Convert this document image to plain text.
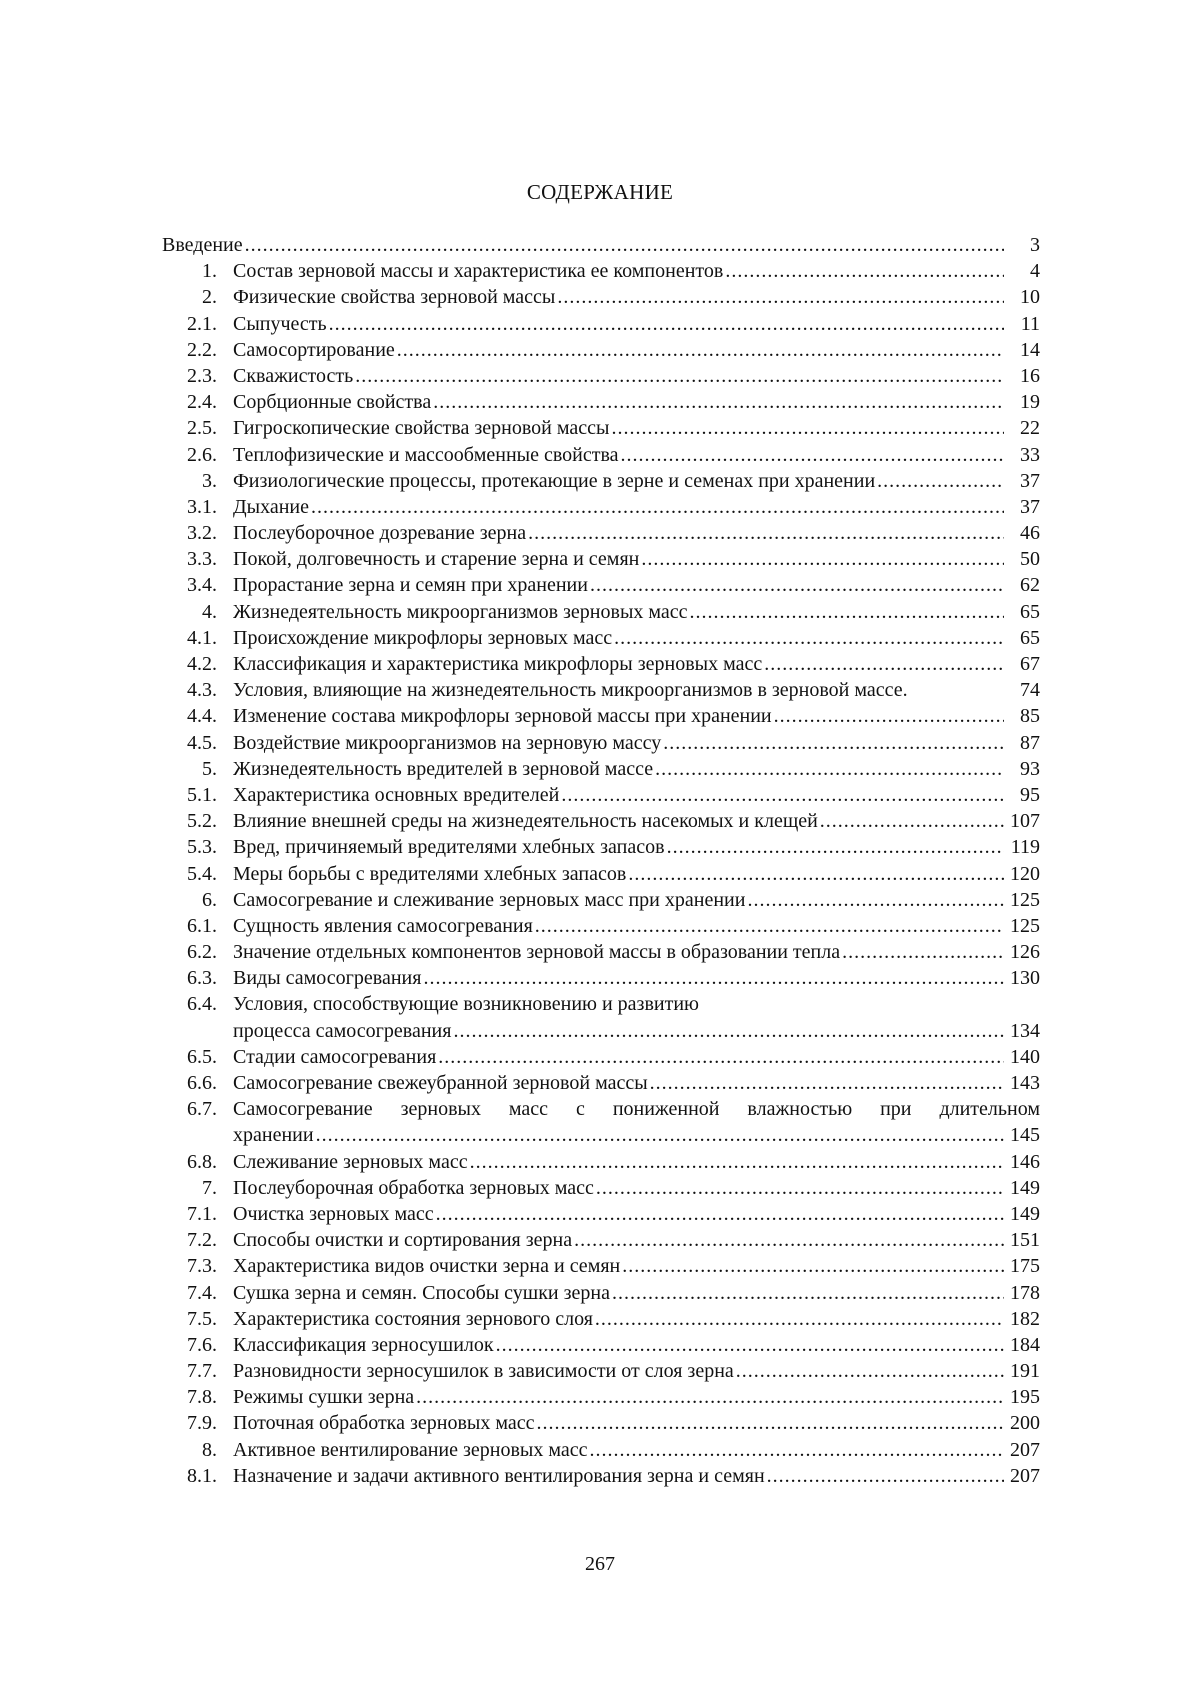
СОДЕРЖАНИЕ
Введение .....	3
1. Состав зерновой массы и характеристика ее компонентов .....	4
2. Физические свойства зерновой массы .....	10
2.1. Сыпучесть .....	11
2.2. Самосортирование .....	14
2.3. Скважистость .....	16
2.4. Сорбционные свойства .....	19
2.5. Гигроскопические свойства зерновой массы .....	22
2.6. Теплофизические и массообменные свойства .....	33
3. Физиологические процессы, протекающие в зерне и семенах при хранении .....	37
3.1. Дыхание .....	37
3.2. Послеуборочное дозревание зерна .....	46
3.3. Покой, долговечность и старение зерна и семян .....	50
3.4. Прорастание зерна и семян при хранении .....	62
4. Жизнедеятельность микроорганизмов зерновых масс .....	65
4.1. Происхождение микрофлоры зерновых масс .....	65
4.2. Классификация и характеристика микрофлоры зерновых масс .....	67
4.3. Условия, влияющие на жизнедеятельность микроорганизмов в зерновой массе.	74
4.4. Изменение состава микрофлоры зерновой массы при хранении .....	85
4.5. Воздействие микроорганизмов на зерновую массу .....	87
5. Жизнедеятельность вредителей в зерновой массе .....	93
5.1. Характеристика основных вредителей .....	95
5.2. Влияние внешней среды на жизнедеятельность насекомых и клещей .....	107
5.3. Вред, причиняемый вредителями хлебных запасов .....	119
5.4. Меры борьбы с вредителями хлебных запасов .....	120
6. Самосогревание и слеживание зерновых масс при хранении .....	125
6.1. Сущность явления самосогревания .....	125
6.2. Значение отдельных компонентов зерновой массы в образовании тепла .....	126
6.3. Виды самосогревания .....	130
6.4. Условия, способствующие возникновению и развитию
процесса самосогревания .....	134
6.5. Стадии самосогревания .....	140
6.6. Самосогревание свежеубранной зерновой массы .....	143
6.7. Самосогревание зерновых масс с пониженной влажностью при длительном
хранении .....	145
6.8. Слеживание зерновых масс .....	146
7. Послеуборочная обработка зерновых масс .....	149
7.1. Очистка зерновых масс .....	149
7.2. Способы очистки и сортирования зерна .....	151
7.3. Характеристика видов очистки зерна и семян .....	175
7.4. Сушка зерна и семян. Способы сушки зерна .....	178
7.5. Характеристика состояния зернового слоя .....	182
7.6. Классификация зерносушилок .....	184
7.7. Разновидности зерносушилок в зависимости от слоя зерна .....	191
7.8. Режимы сушки зерна .....	195
7.9. Поточная обработка зерновых масс .....	200
8. Активное вентилирование зерновых масс .....	207
8.1. Назначение и задачи активного вентилирования зерна и семян .....	207
267
